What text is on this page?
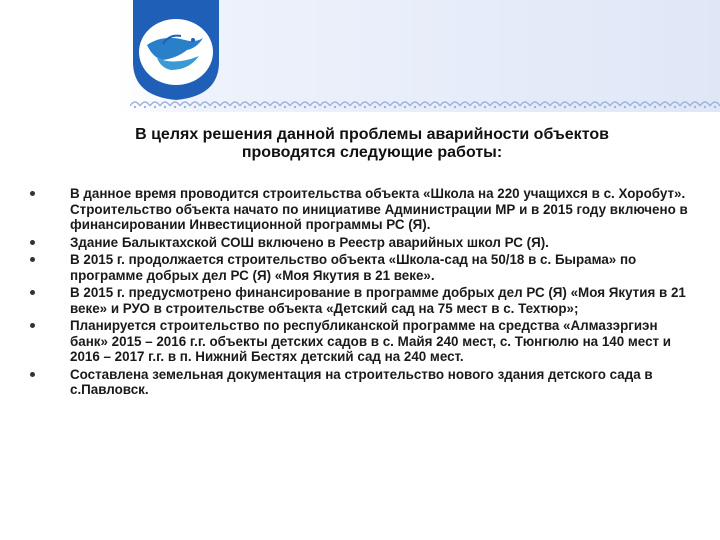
В целях решения данной проблемы аварийности объектов
проводятся следующие работы:
В данное время проводится строительства объекта «Школа на 220 учащихся в с. Хоробут». Строительство объекта начато по инициативе Администрации МР и в 2015 году включено в финансировании Инвестиционной программы РС (Я).
Здание Балыктахской СОШ включено в Реестр аварийных школ РС (Я).
В 2015 г. продолжается строительство объекта «Школа-сад на 50/18 в с. Бырама» по программе добрых дел РС (Я) «Моя Якутия в 21 веке».
В 2015 г. предусмотрено финансирование в программе добрых дел РС (Я) «Моя Якутия в 21 веке» и РУО в строительстве объекта «Детский сад на 75 мест в с. Техтюр»;
Планируется строительство по республиканской программе на средства «Алмазэргиэн банк» 2015 – 2016 г.г. объекты детских садов в с. Майя 240 мест, с. Тюнгюлю на 140 мест и 2016 – 2017 г.г. в п. Нижний Бестях детский сад на 240 мест.
Составлена земельная документация на строительство нового здания детского сада в с.Павловск.
